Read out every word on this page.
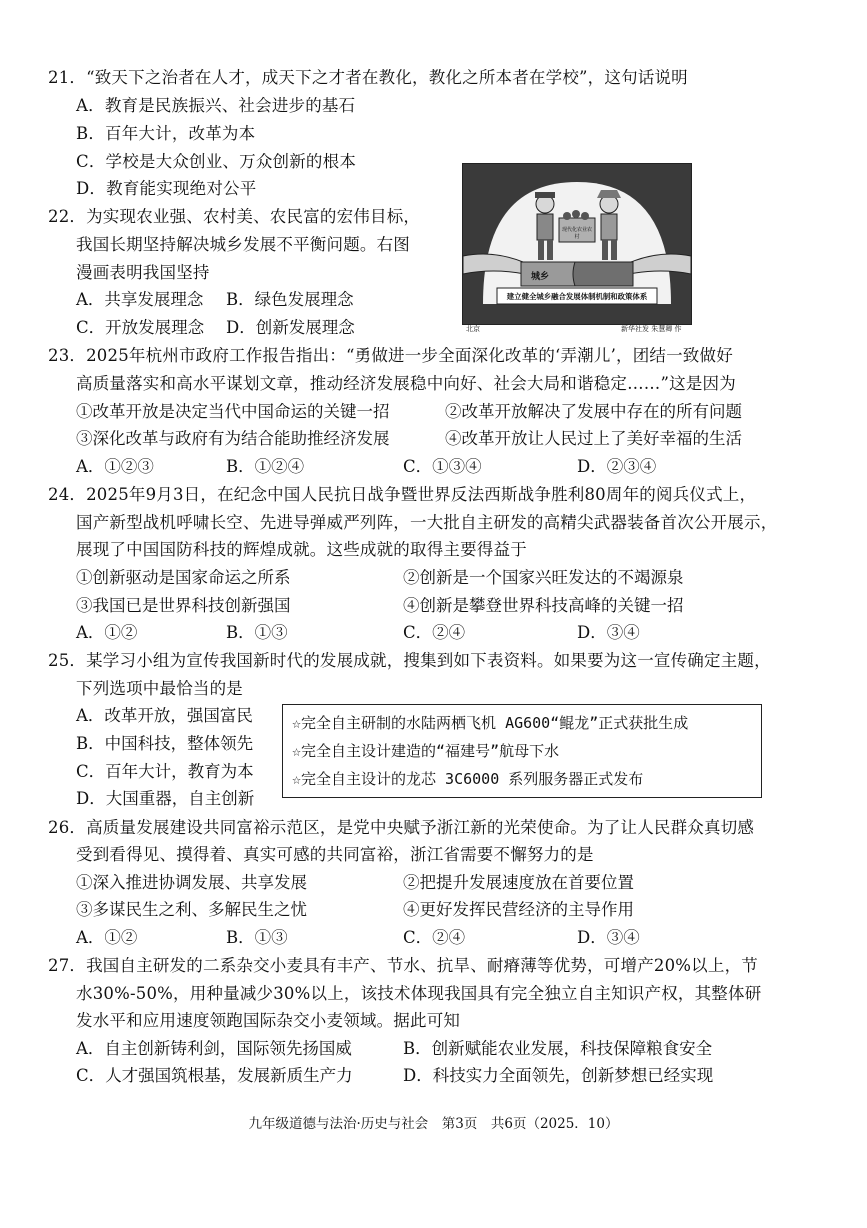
21．“致天下之治者在人才，成天下之才者在教化，教化之所本者在学校”，这句话说明
A．教育是民族振兴、社会进步的基石
B．百年大计，改革为本
C．学校是大众创业、万众创新的根本
D．教育能实现绝对公平
22．为实现农业强、农村美、农民富的宏伟目标，
我国长期坚持解决城乡发展不平衡问题。右图
漫画表明我国坚持
A．共享发展理念 B．绿色发展理念
C．开放发展理念 D．创新发展理念
现代化农业农村
城乡
建立健全城乡融合发展体制机制和政策体系
北京	新华社发 朱慧卿 作
23．2025年杭州市政府工作报告指出：“勇做进一步全面深化改革的‘弄潮儿’，团结一致做好
高质量落实和高水平谋划文章，推动经济发展稳中向好、社会大局和谐稳定……”这是因为
①改革开放是决定当代中国命运的关键一招	②改革开放解决了发展中存在的所有问题
③深化改革与政府有为结合能助推经济发展	④改革开放让人民过上了美好幸福的生活
A．①②③	B．①②④	C．①③④	D．②③④
24．2025年9月3日，在纪念中国人民抗日战争暨世界反法西斯战争胜利80周年的阅兵仪式上，
国产新型战机呼啸长空、先进导弹威严列阵，一大批自主研发的高精尖武器装备首次公开展示，
展现了中国国防科技的辉煌成就。这些成就的取得主要得益于
①创新驱动是国家命运之所系	②创新是一个国家兴旺发达的不竭源泉
③我国已是世界科技创新强国	④创新是攀登世界科技高峰的关键一招
A．①②	B．①③	C．②④	D．③④
25．某学习小组为宣传我国新时代的发展成就，搜集到如下表资料。如果要为这一宣传确定主题，
下列选项中最恰当的是
A．改革开放，强国富民
B．中国科技，整体领先
C．百年大计，教育为本
D．大国重器，自主创新
☆完全自主研制的水陆两栖飞机 AG600“鲲龙”正式获批生成
☆完全自主设计建造的“福建号”航母下水
☆完全自主设计的龙芯 3C6000 系列服务器正式发布
26．高质量发展建设共同富裕示范区，是党中央赋予浙江新的光荣使命。为了让人民群众真切感
受到看得见、摸得着、真实可感的共同富裕，浙江省需要不懈努力的是
①深入推进协调发展、共享发展	②把提升发展速度放在首要位置
③多谋民生之利、多解民生之忧	④更好发挥民营经济的主导作用
A．①②	B．①③	C．②④	D．③④
27．我国自主研发的二系杂交小麦具有丰产、节水、抗旱、耐瘠薄等优势，可增产20%以上，节
水30%-50%，用种量减少30%以上，该技术体现我国具有完全独立自主知识产权，其整体研
发水平和应用速度领跑国际杂交小麦领域。据此可知
A．自主创新铸利剑，国际领先扬国威	B．创新赋能农业发展，科技保障粮食安全
C．人才强国筑根基，发展新质生产力	D．科技实力全面领先，创新梦想已经实现
九年级道德与法治·历史与社会　第3页　共6页（2025．10）
